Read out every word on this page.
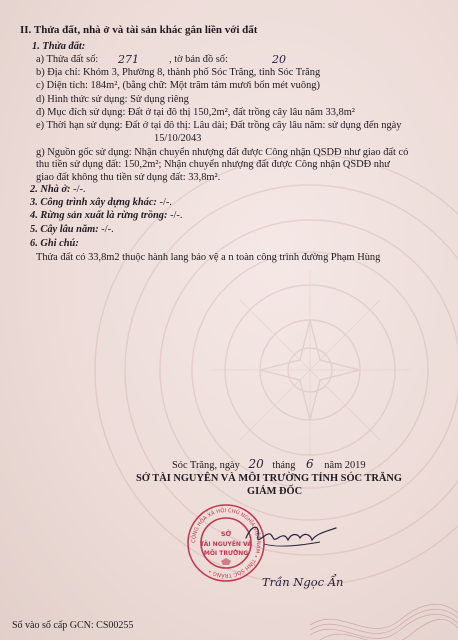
II. Thửa đất, nhà ở và tài sản khác gắn liền với đất
1. Thửa đất:
a) Thửa đất số: 271	, tờ bản đồ số:	20
b) Địa chỉ: Khóm 3, Phường 8, thành phố Sóc Trăng, tỉnh Sóc Trăng
c) Diện tích: 184m², (bằng chữ: Một trăm tám mươi bốn mét vuông)
d) Hình thức sử dụng: Sử dụng riêng
đ) Mục đích sử dụng: Đất ở tại đô thị 150,2m², đất trồng cây lâu năm 33,8m²
e) Thời hạn sử dụng: Đất ở tại đô thị: Lâu dài; Đất trồng cây lâu năm: sử dụng đến ngày
15/10/2043
g) Nguồn gốc sử dụng: Nhận chuyển nhượng đất được Công nhận QSDĐ như giao đất có
thu tiền sử dụng đất: 150,2m²; Nhận chuyển nhượng đất được Công nhận QSDĐ như
giao đất không thu tiền sử dụng đất: 33,8m².
2. Nhà ở: -/-.
3. Công trình xây dựng khác: -/-.
4. Rừng sản xuất là rừng trồng: -/-.
5. Cây lâu năm: -/-.
6. Ghi chú:
Thửa đất có 33,8m2 thuộc hành lang bảo vệ a n toàn công trình đường Phạm Hùng
Sóc Trăng, ngày 20 tháng 6 năm 2019
SỞ TÀI NGUYÊN VÀ MÔI TRƯỜNG TỈNH SÓC TRĂNG
GIÁM ĐỐC
CỘNG HÒA XÃ HỘI CHỦ NGHĨA VIỆT NAM • TỈNH SÓC TRĂNG •
SỞ
TÀI NGUYÊN VÀ
MÔI TRƯỜNG
Trần Ngọc Ẩn
Số vào sổ cấp GCN: CS00255
